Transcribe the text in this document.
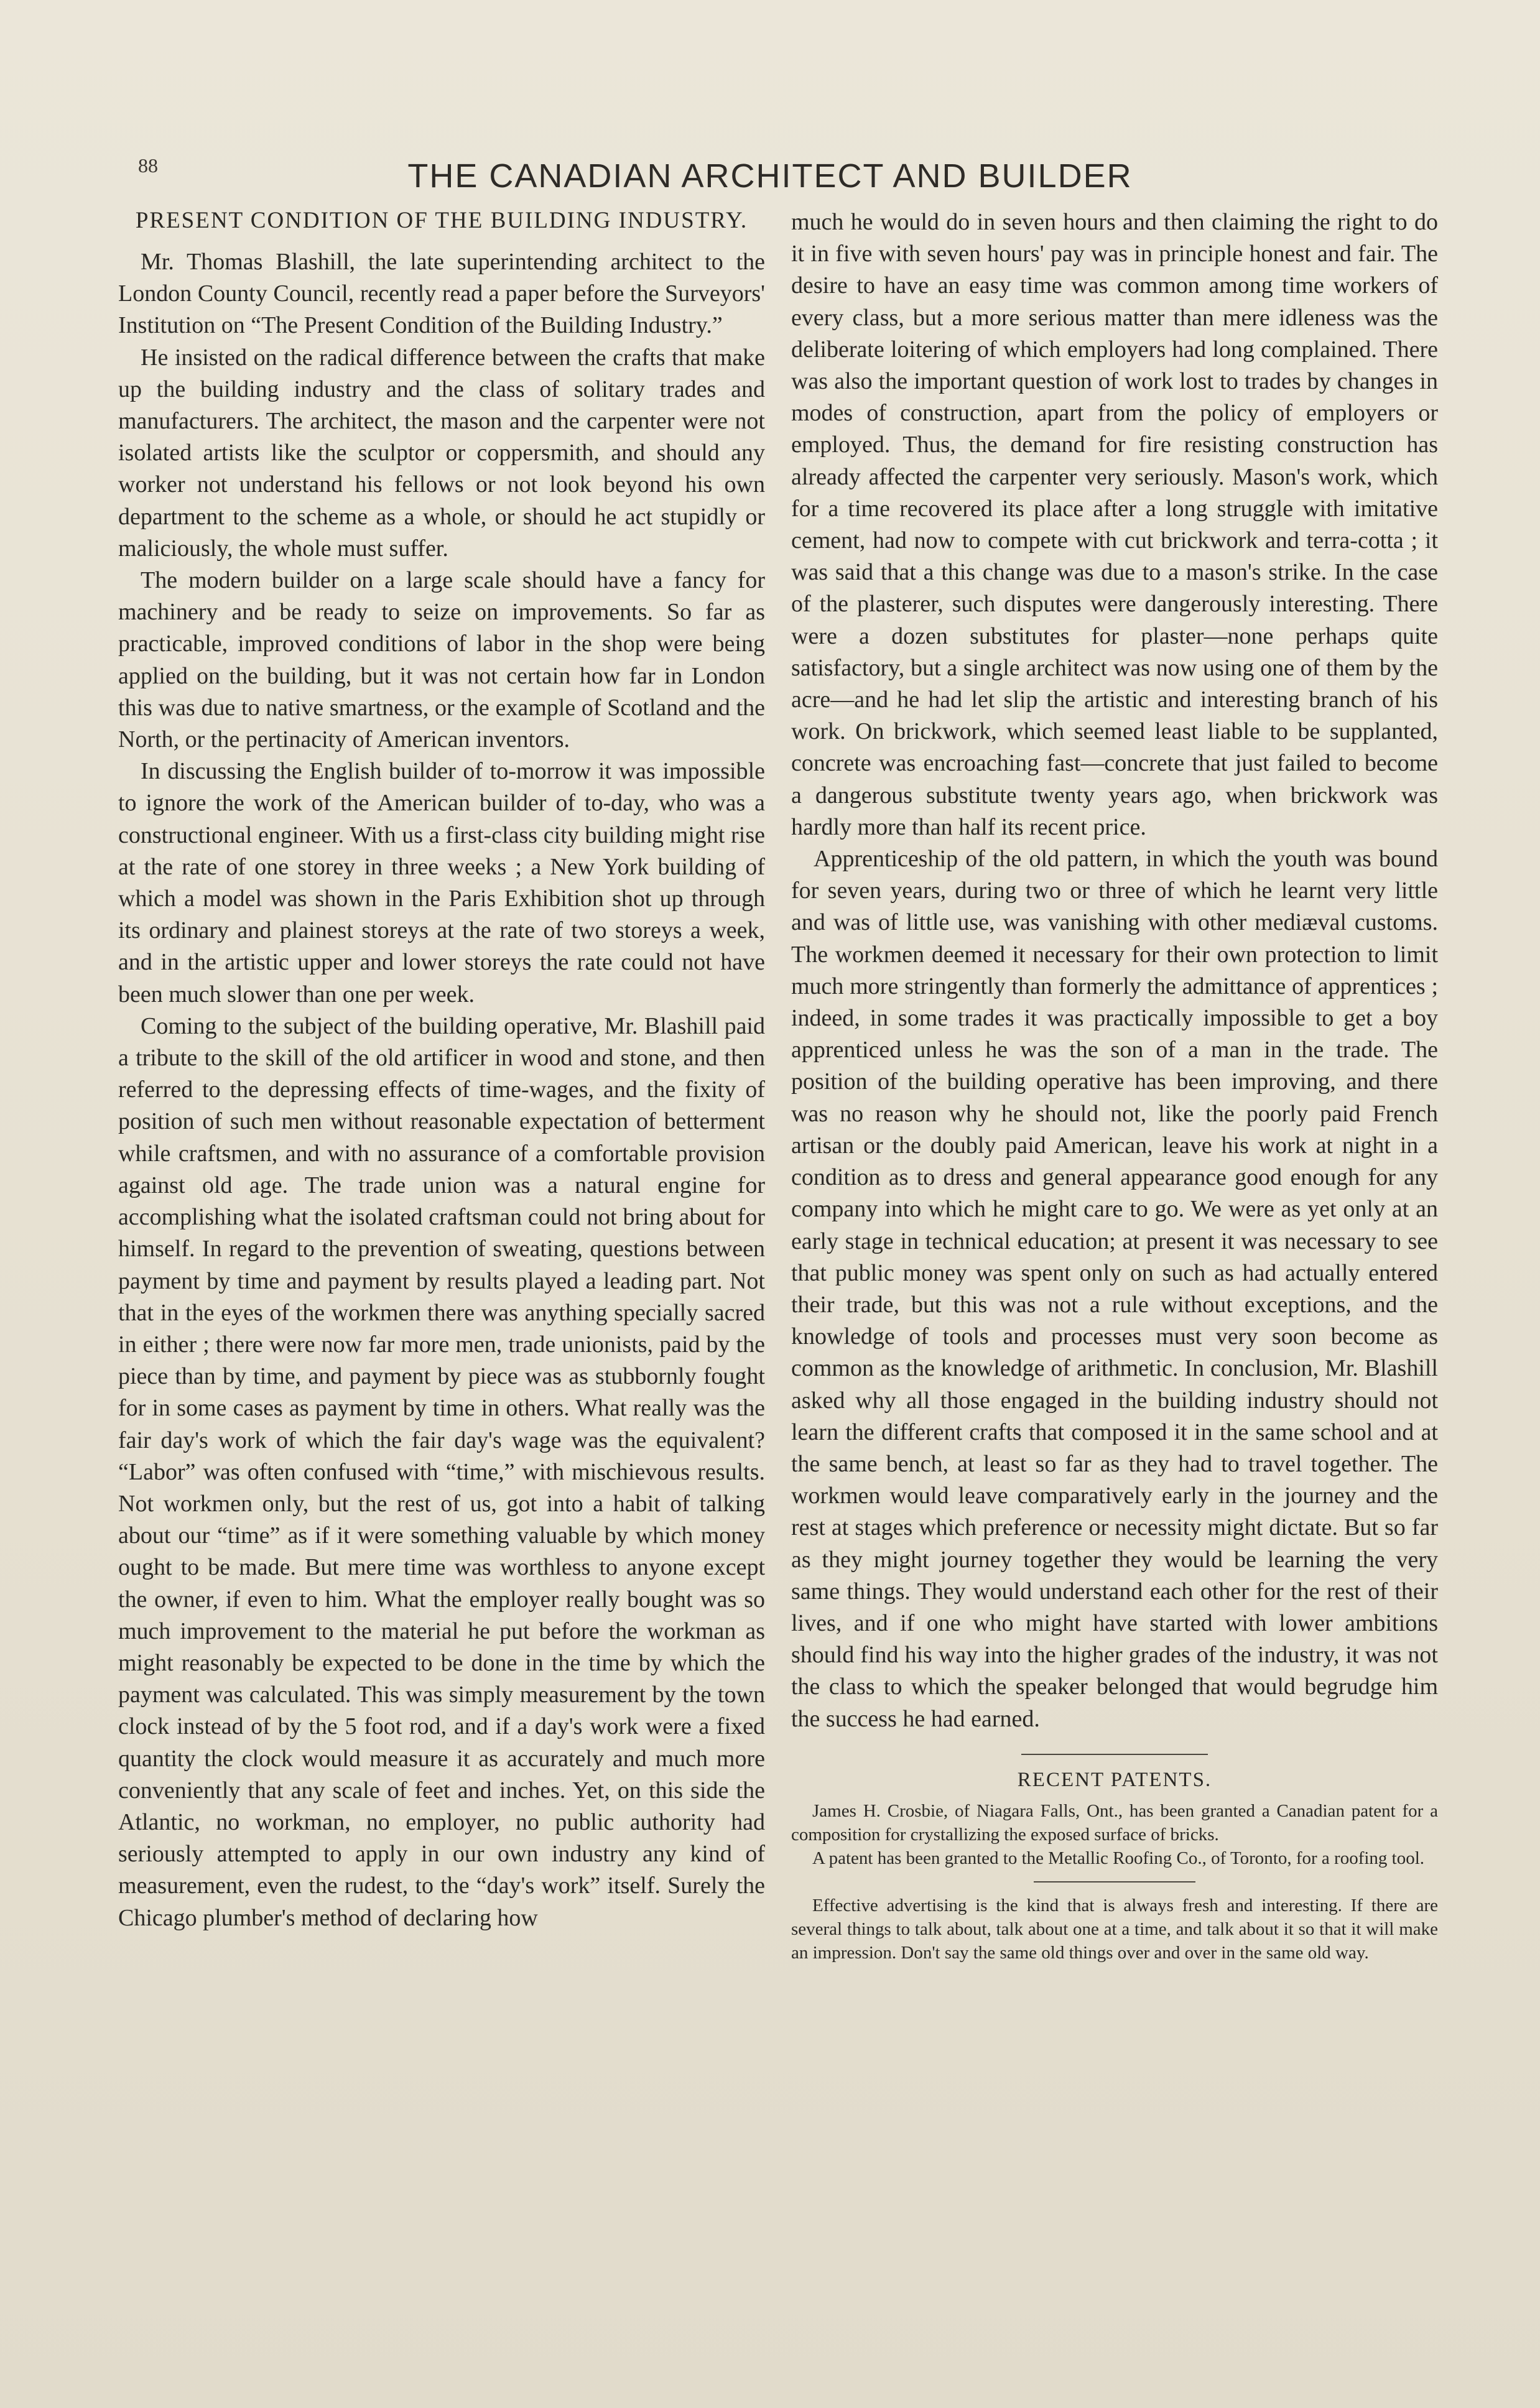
88	THE CANADIAN ARCHITECT AND BUILDER
PRESENT CONDITION OF THE BUILDING INDUSTRY.

Mr. Thomas Blashill, the late superintending architect to the London County Council, recently read a paper before the Surveyors' Institution on “The Present Condition of the Building Industry.”

He insisted on the radical difference between the crafts that make up the building industry and the class of solitary trades and manufacturers. The architect, the mason and the carpenter were not isolated artists like the sculptor or coppersmith, and should any worker not understand his fellows or not look beyond his own department to the scheme as a whole, or should he act stupidly or maliciously, the whole must suffer.

The modern builder on a large scale should have a fancy for machinery and be ready to seize on improvements. So far as practicable, improved conditions of labor in the shop were being applied on the building, but it was not certain how far in London this was due to native smartness, or the example of Scotland and the North, or the pertinacity of American inventors.

In discussing the English builder of to-morrow it was impossible to ignore the work of the American builder of to-day, who was a constructional engineer. With us a first-class city building might rise at the rate of one storey in three weeks ; a New York building of which a model was shown in the Paris Exhibition shot up through its ordinary and plainest storeys at the rate of two storeys a week, and in the artistic upper and lower storeys the rate could not have been much slower than one per week.

Coming to the subject of the building operative, Mr. Blashill paid a tribute to the skill of the old artificer in wood and stone, and then referred to the depressing effects of time-wages, and the fixity of position of such men without reasonable expectation of betterment while craftsmen, and with no assurance of a comfortable provision against old age. The trade union was a natural engine for accomplishing what the isolated craftsman could not bring about for himself. In regard to the prevention of sweating, questions between payment by time and payment by results played a leading part. Not that in the eyes of the workmen there was anything specially sacred in either ; there were now far more men, trade unionists, paid by the piece than by time, and payment by piece was as stubbornly fought for in some cases as payment by time in others. What really was the fair day's work of which the fair day's wage was the equivalent? “Labor” was often confused with “time,” with mischievous results. Not workmen only, but the rest of us, got into a habit of talking about our “time” as if it were something valuable by which money ought to be made. But mere time was worthless to anyone except the owner, if even to him. What the employer really bought was so much improvement to the material he put before the workman as might reasonably be expected to be done in the time by which the payment was calculated. This was simply measurement by the town clock instead of by the 5 foot rod, and if a day's work were a fixed quantity the clock would measure it as accurately and much more conveniently that any scale of feet and inches. Yet, on this side the Atlantic, no workman, no employer, no public authority had seriously attempted to apply in our own industry any kind of measurement, even the rudest, to the “day's work” itself. Surely the Chicago plumber's method of declaring how

much he would do in seven hours and then claiming the right to do it in five with seven hours' pay was in principle honest and fair. The desire to have an easy time was common among time workers of every class, but a more serious matter than mere idleness was the deliberate loitering of which employers had long complained. There was also the important question of work lost to trades by changes in modes of construction, apart from the policy of employers or employed. Thus, the demand for fire resisting construction has already affected the carpenter very seriously. Mason's work, which for a time recovered its place after a long struggle with imitative cement, had now to compete with cut brickwork and terra-cotta ; it was said that a this change was due to a mason's strike. In the case of the plasterer, such disputes were dangerously interesting. There were a dozen substitutes for plaster—none perhaps quite satisfactory, but a single architect was now using one of them by the acre—and he had let slip the artistic and interesting branch of his work. On brickwork, which seemed least liable to be supplanted, concrete was encroaching fast—concrete that just failed to become a dangerous substitute twenty years ago, when brickwork was hardly more than half its recent price.

Apprenticeship of the old pattern, in which the youth was bound for seven years, during two or three of which he learnt very little and was of little use, was vanishing with other mediæval customs. The workmen deemed it necessary for their own protection to limit much more stringently than formerly the admittance of apprentices ; indeed, in some trades it was practically impossible to get a boy apprenticed unless he was the son of a man in the trade. The position of the building operative has been improving, and there was no reason why he should not, like the poorly paid French artisan or the doubly paid American, leave his work at night in a condition as to dress and general appearance good enough for any company into which he might care to go. We were as yet only at an early stage in technical education; at present it was necessary to see that public money was spent only on such as had actually entered their trade, but this was not a rule without exceptions, and the knowledge of tools and processes must very soon become as common as the knowledge of arithmetic. In conclusion, Mr. Blashill asked why all those engaged in the building industry should not learn the different crafts that composed it in the same school and at the same bench, at least so far as they had to travel together. The workmen would leave comparatively early in the journey and the rest at stages which preference or necessity might dictate. But so far as they might journey together they would be learning the very same things. They would understand each other for the rest of their lives, and if one who might have started with lower ambitions should find his way into the higher grades of the industry, it was not the class to which the speaker belonged that would begrudge him the success he had earned.

RECENT PATENTS.

James H. Crosbie, of Niagara Falls, Ont., has been granted a Canadian patent for a composition for crystallizing the exposed surface of bricks.

A patent has been granted to the Metallic Roofing Co., of Toronto, for a roofing tool.

Effective advertising is the kind that is always fresh and interesting. If there are several things to talk about, talk about one at a time, and talk about it so that it will make an impression. Don't say the same old things over and over in the same old way.
